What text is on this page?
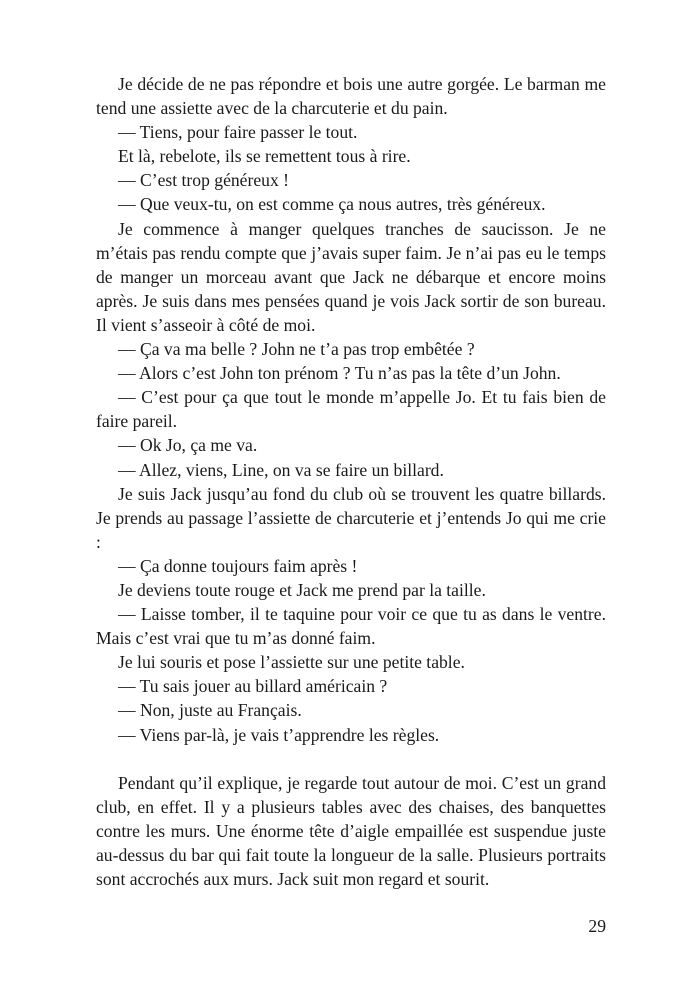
Je décide de ne pas répondre et bois une autre gorgée. Le barman me tend une assiette avec de la charcuterie et du pain.

— Tiens, pour faire passer le tout.

Et là, rebelote, ils se remettent tous à rire.

— C’est trop généreux !

— Que veux-tu, on est comme ça nous autres, très généreux.

Je commence à manger quelques tranches de saucisson. Je ne m’étais pas rendu compte que j’avais super faim. Je n’ai pas eu le temps de manger un morceau avant que Jack ne débarque et encore moins après. Je suis dans mes pensées quand je vois Jack sortir de son bureau. Il vient s’asseoir à côté de moi.

— Ça va ma belle ? John ne t’a pas trop embêtée ?

— Alors c’est John ton prénom ? Tu n’as pas la tête d’un John.

— C’est pour ça que tout le monde m’appelle Jo. Et tu fais bien de faire pareil.

— Ok Jo, ça me va.

— Allez, viens, Line, on va se faire un billard.

Je suis Jack jusqu’au fond du club où se trouvent les quatre billards. Je prends au passage l’assiette de charcuterie et j’entends Jo qui me crie :

— Ça donne toujours faim après !

Je deviens toute rouge et Jack me prend par la taille.

— Laisse tomber, il te taquine pour voir ce que tu as dans le ventre. Mais c’est vrai que tu m’as donné faim.

Je lui souris et pose l’assiette sur une petite table.

— Tu sais jouer au billard américain ?

— Non, juste au Français.

— Viens par-là, je vais t’apprendre les règles.

Pendant qu’il explique, je regarde tout autour de moi. C’est un grand club, en effet. Il y a plusieurs tables avec des chaises, des banquettes contre les murs. Une énorme tête d’aigle empaillée est suspendue juste au-dessus du bar qui fait toute la longueur de la salle. Plusieurs portraits sont accrochés aux murs. Jack suit mon regard et sourit.

29
